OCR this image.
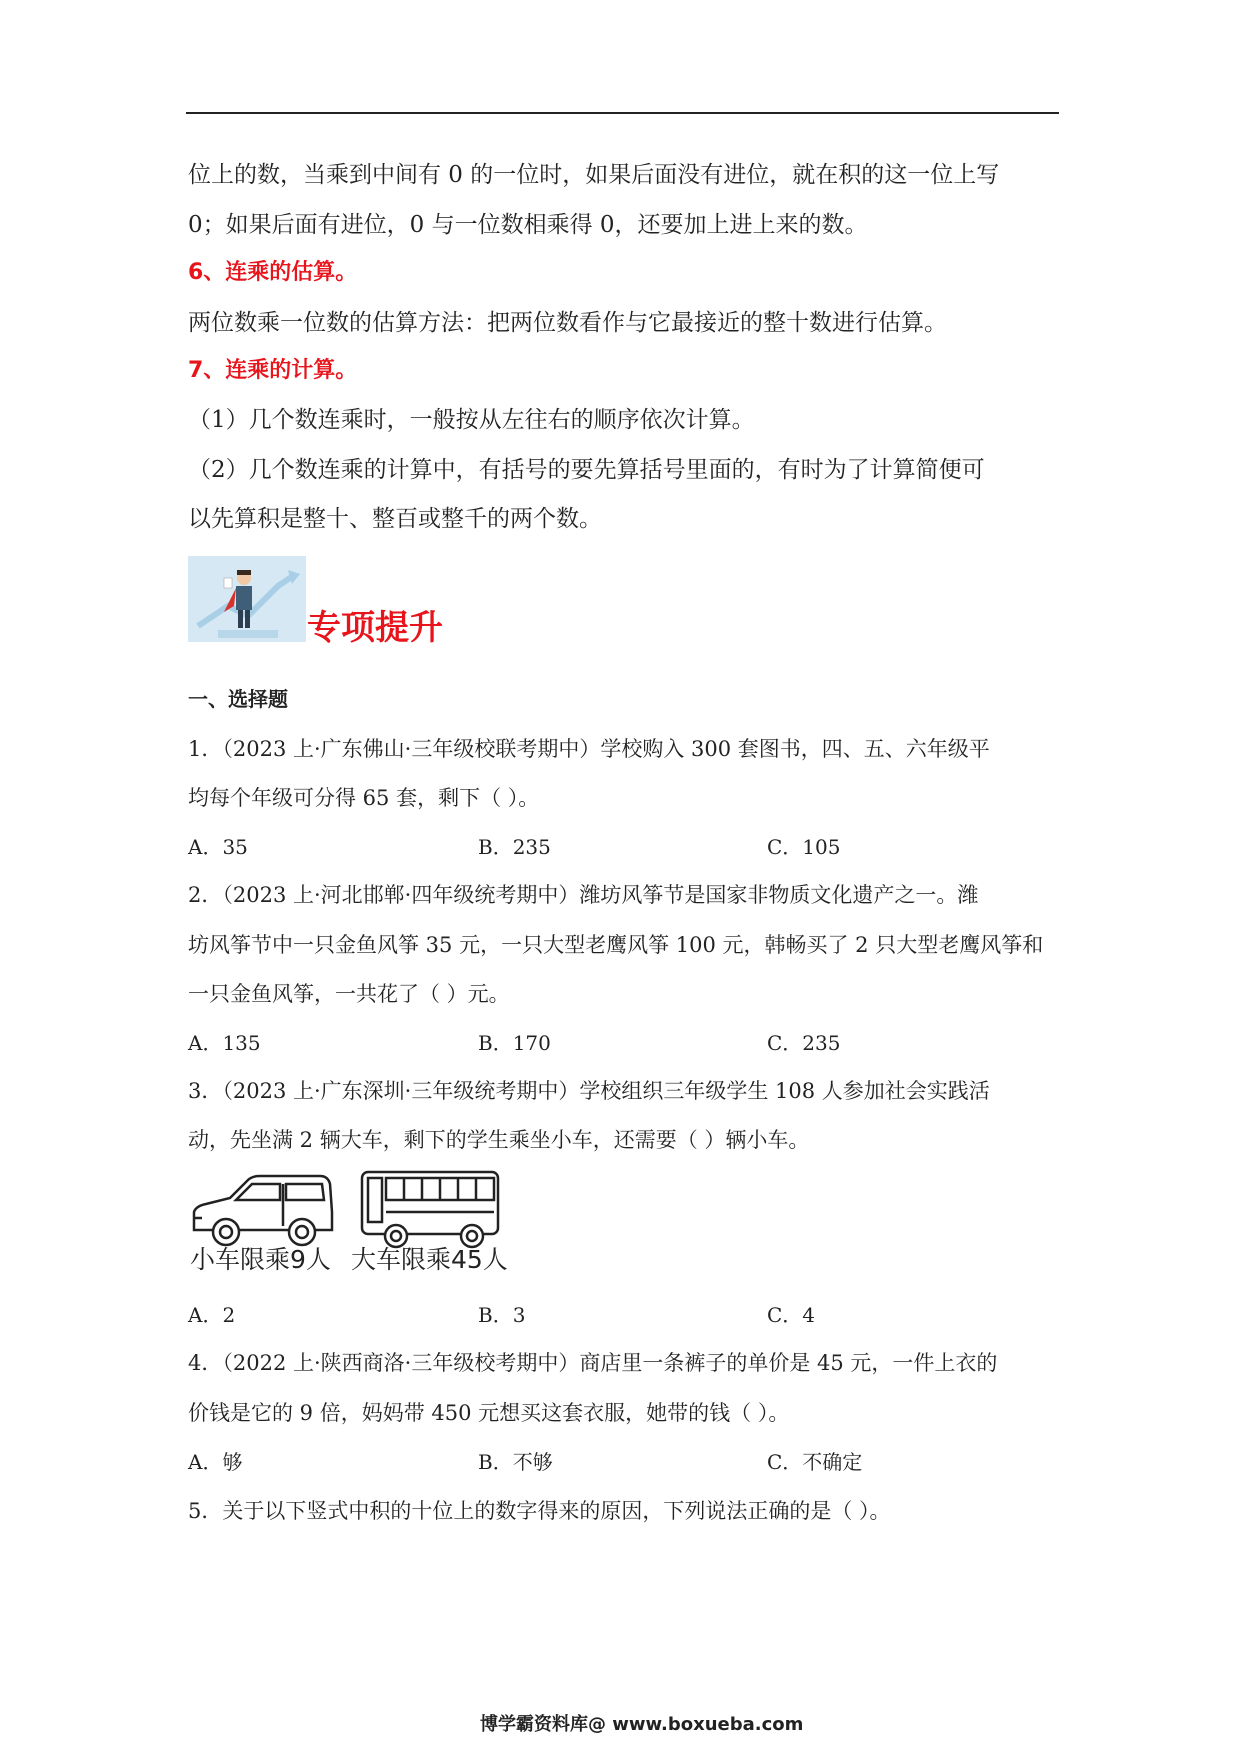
位上的数，当乘到中间有 0 的一位时，如果后面没有进位，就在积的这一位上写
0；如果后面有进位，0 与一位数相乘得 0，还要加上进上来的数。
6、连乘的估算。
两位数乘一位数的估算方法：把两位数看作与它最接近的整十数进行估算。
7、连乘的计算。
（1）几个数连乘时，一般按从左往右的顺序依次计算。
（2）几个数连乘的计算中，有括号的要先算括号里面的，有时为了计算简便可
以先算积是整十、整百或整千的两个数。
专项提升
一、选择题
1．（2023 上·广东佛山·三年级校联考期中）学校购入 300 套图书，四、五、六年级平
均每个年级可分得 65 套，剩下（ ）。
A．35	B．235	C．105
2．（2023 上·河北邯郸·四年级统考期中）潍坊风筝节是国家非物质文化遗产之一。潍
坊风筝节中一只金鱼风筝 35 元，一只大型老鹰风筝 100 元，韩畅买了 2 只大型老鹰风筝和
一只金鱼风筝，一共花了（ ）元。
A．135	B．170	C．235
3．（2023 上·广东深圳·三年级统考期中）学校组织三年级学生 108 人参加社会实践活
动，先坐满 2 辆大车，剩下的学生乘坐小车，还需要（ ）辆小车。
小车限乘9人 大车限乘45人
A．2	B．3	C．4
4．（2022 上·陕西商洛·三年级校考期中）商店里一条裤子的单价是 45 元，一件上衣的
价钱是它的 9 倍，妈妈带 450 元想买这套衣服，她带的钱（ ）。
A．够	B．不够	C．不确定
5．关于以下竖式中积的十位上的数字得来的原因，下列说法正确的是（ ）。
博学霸资料库@ www.boxueba.com
